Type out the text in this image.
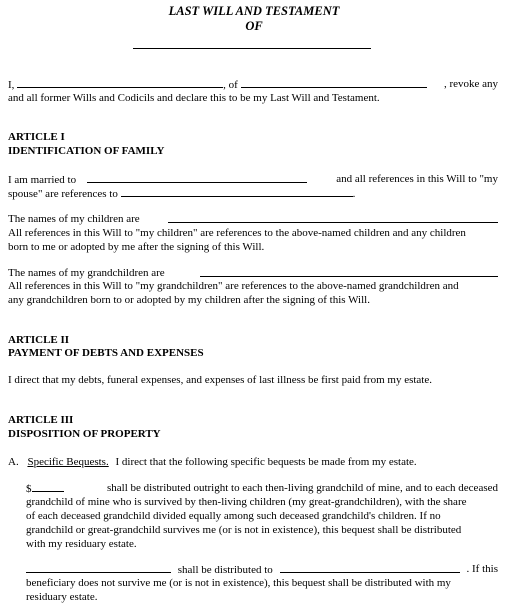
LAST WILL AND TESTAMENT
OF
I,	, of	, revoke any
and all former Wills and Codicils and declare this to be my Last Will and Testament.
ARTICLE I
IDENTIFICATION OF FAMILY
I am married to	and all references in this Will to "my
spouse" are references to	.
The names of my children are
All references in this Will to "my children" are references to the above-named children and any children
born to me or adopted by me after the signing of this Will.
The names of my grandchildren are
All references in this Will to "my grandchildren" are references to the above-named grandchildren and
any grandchildren born to or adopted by my children after the signing of this Will.
ARTICLE II
PAYMENT OF DEBTS AND EXPENSES
I direct that my debts, funeral expenses, and expenses of last illness be first paid from my estate.
ARTICLE III
DISPOSITION OF PROPERTY
A. Specific Bequests. I direct that the following specific bequests be made from my estate.
$	shall be distributed outright to each then-living grandchild of mine, and to each deceased
grandchild of mine who is survived by then-living children (my great-grandchildren), with the share
of each deceased grandchild divided equally among such deceased grandchild's children. If no
grandchild or great-grandchild survives me (or is not in existence), this bequest shall be distributed
with my residuary estate.
shall be distributed to	. If this
beneficiary does not survive me (or is not in existence), this bequest shall be distributed with my
residuary estate.
